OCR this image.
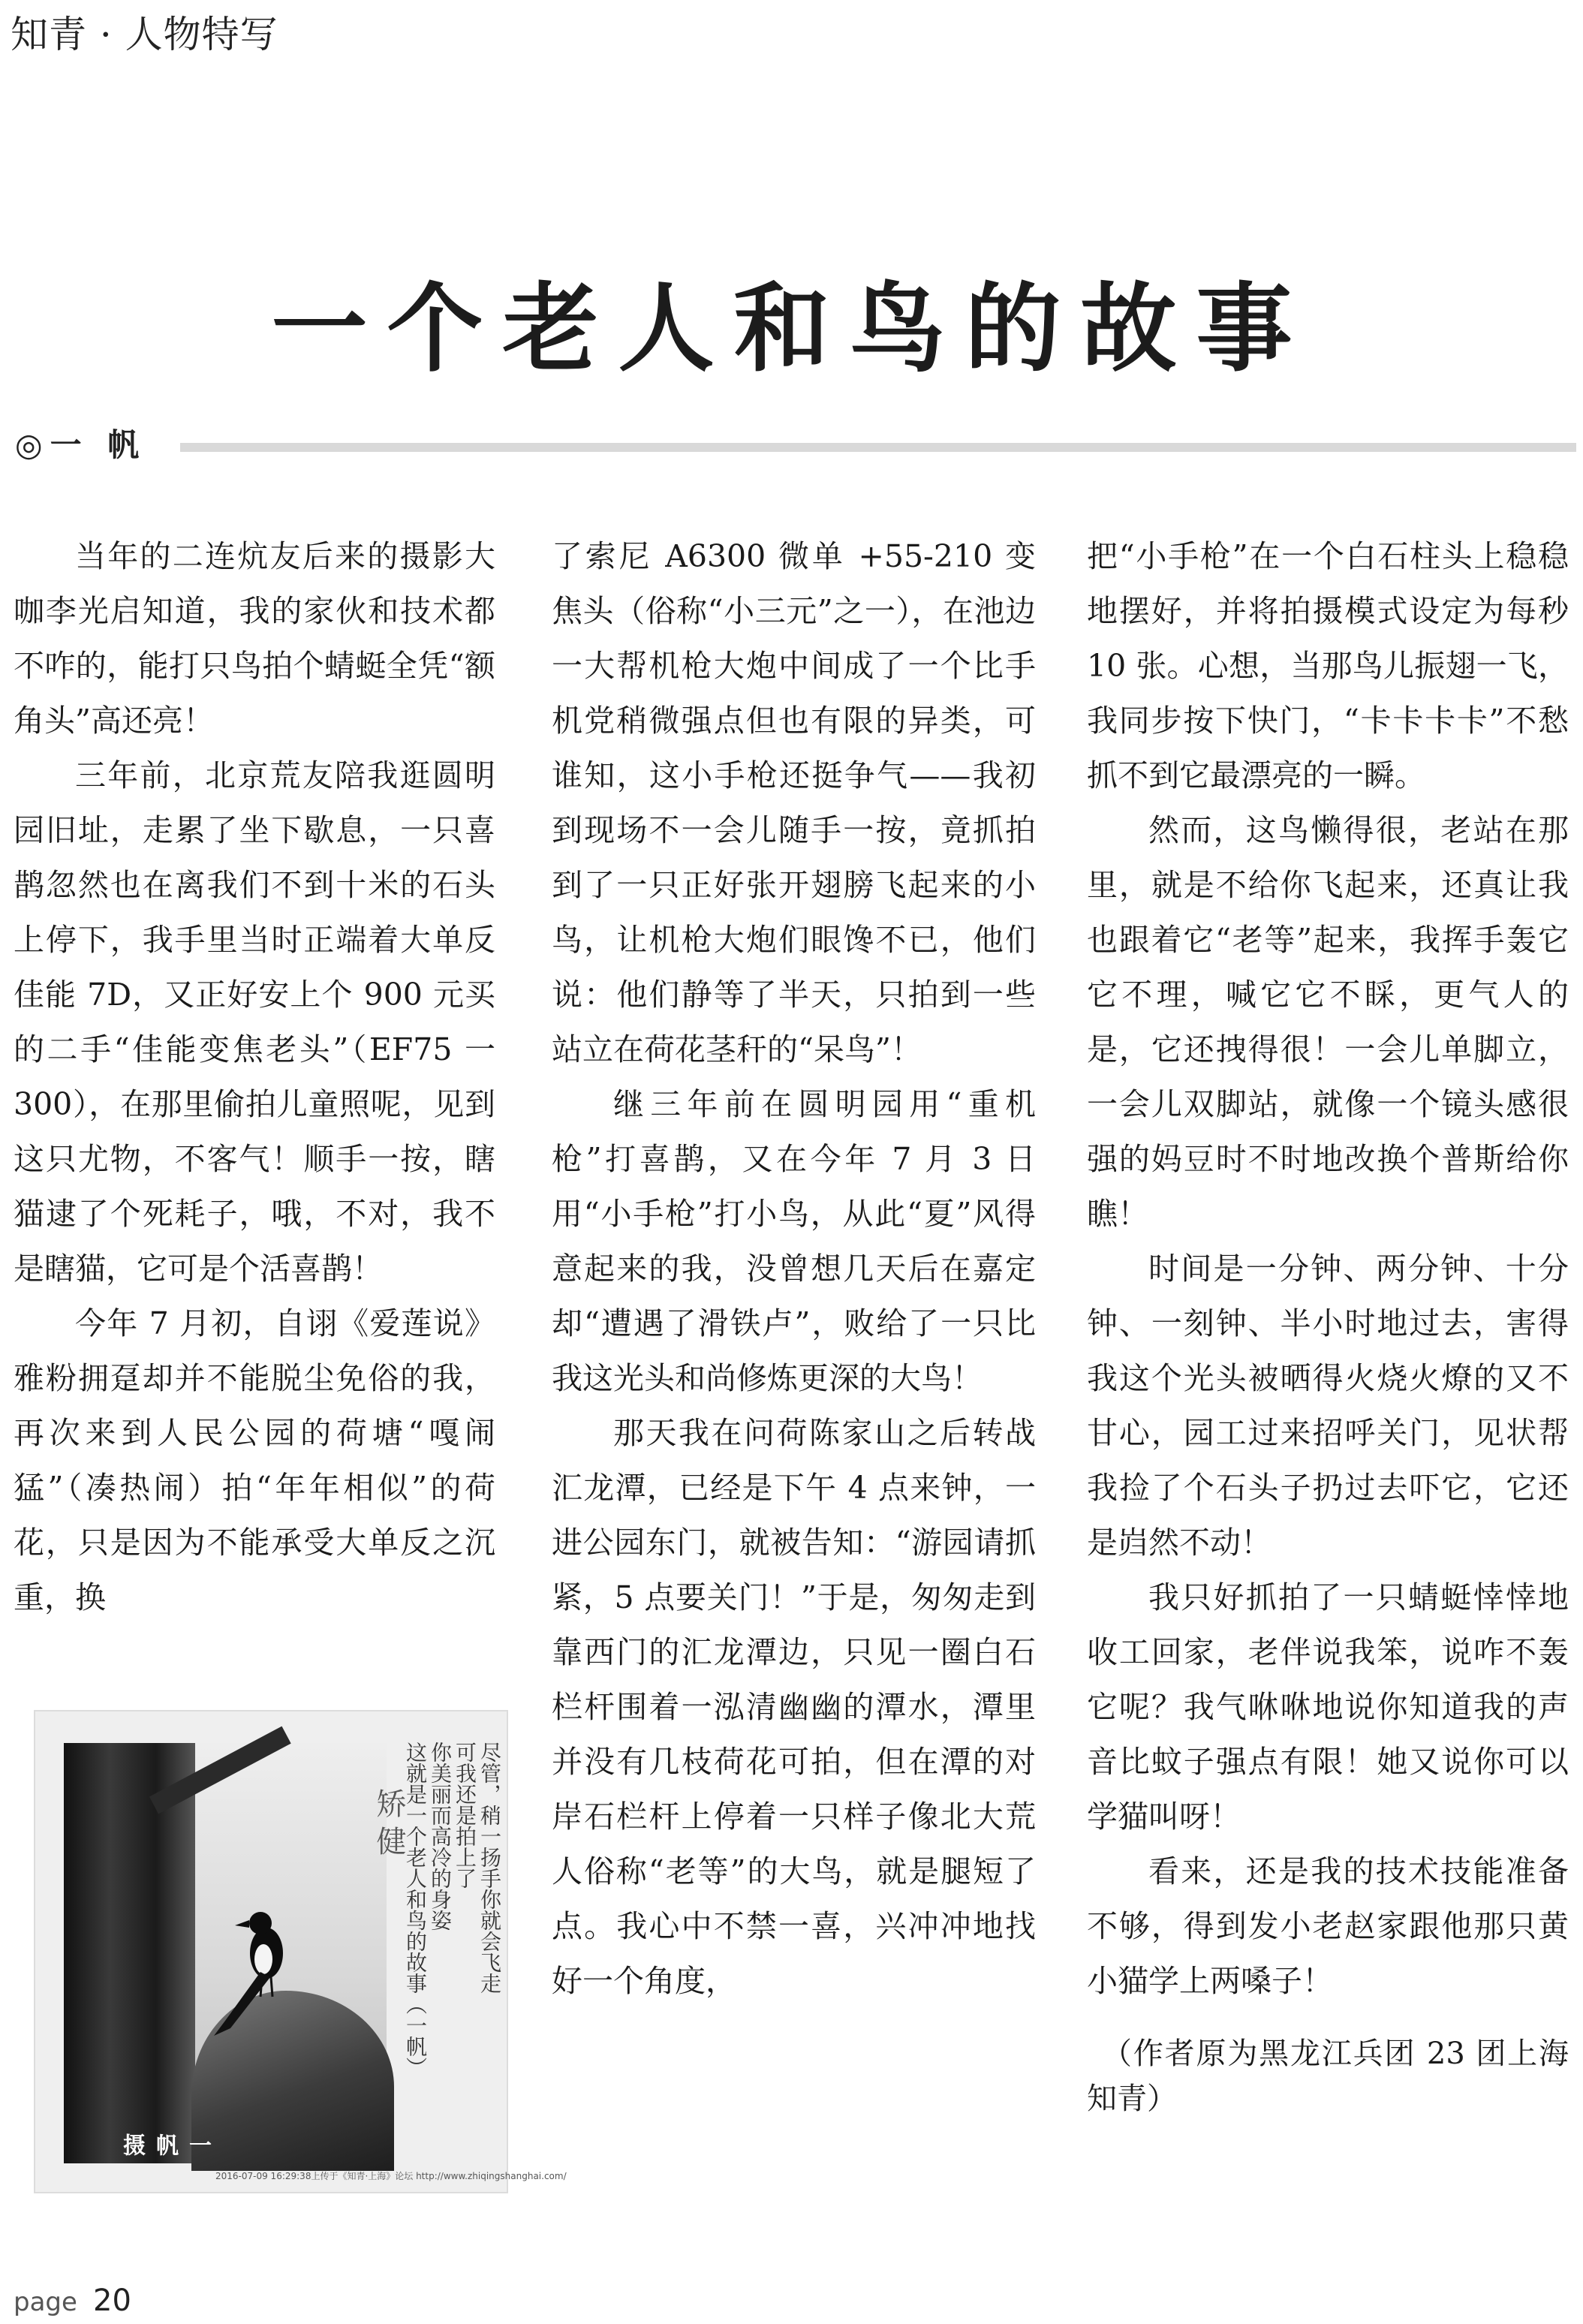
知青 · 人物特写
一个老人和鸟的故事
◎一 帆

当年的二连炕友后来的摄影大咖李光启知道，我的家伙和技术都不咋的，能打只鸟拍个蜻蜓全凭“额角头”高还亮！

三年前，北京荒友陪我逛圆明园旧址，走累了坐下歇息，一只喜鹊忽然也在离我们不到十米的石头上停下，我手里当时正端着大单反佳能 7D，又正好安上个 900 元买的二手“佳能变焦老头”（EF75 一 300），在那里偷拍儿童照呢，见到这只尤物，不客气！顺手一按，瞎猫逮了个死耗子，哦，不对，我不是瞎猫，它可是个活喜鹊！

今年 7 月初，自诩《爱莲说》雅粉拥趸却并不能脱尘免俗的我，再次来到人民公园的荷塘“嘎闹猛”（凑热闹）拍“年年相似”的荷花，只是因为不能承受大单反之沉重，换

矫健
一帆摄
尽管，稍一扬手你就会飞走
可我还是拍上了
你美丽而高冷的身姿
这就是一个老人和鸟的故事（一帆）
2016-07-09 16:29:38上传于《知青·上海》论坛 http://www.zhiqingshanghai.com/

了索尼 A6300 微单 +55-210 变焦头（俗称“小三元”之一），在池边一大帮机枪大炮中间成了一个比手机党稍微强点但也有限的异类，可谁知，这小手枪还挺争气——我初到现场不一会儿随手一按，竟抓拍到了一只正好张开翅膀飞起来的小鸟，让机枪大炮们眼馋不已，他们说：他们静等了半天，只拍到一些站立在荷花茎秆的“呆鸟”！

继三年前在圆明园用“重机枪”打喜鹊，又在今年 7 月 3 日用“小手枪”打小鸟，从此“夏”风得意起来的我，没曾想几天后在嘉定却“遭遇了滑铁卢”，败给了一只比我这光头和尚修炼更深的大鸟！

那天我在问荷陈家山之后转战汇龙潭，已经是下午 4 点来钟，一进公园东门，就被告知：“游园请抓紧，5 点要关门！”于是，匆匆走到靠西门的汇龙潭边，只见一圈白石栏杆围着一泓清幽幽的潭水，潭里并没有几枝荷花可拍，但在潭的对岸石栏杆上停着一只样子像北大荒人俗称“老等”的大鸟，就是腿短了点。我心中不禁一喜，兴冲冲地找好一个角度，

把“小手枪”在一个白石柱头上稳稳地摆好，并将拍摄模式设定为每秒 10 张。心想，当那鸟儿振翅一飞，我同步按下快门，“卡卡卡卡”不愁抓不到它最漂亮的一瞬。

然而，这鸟懒得很，老站在那里，就是不给你飞起来，还真让我也跟着它“老等”起来，我挥手轰它它不理，喊它它不睬，更气人的是，它还拽得很！一会儿单脚立，一会儿双脚站，就像一个镜头感很强的妈豆时不时地改换个普斯给你瞧！

时间是一分钟、两分钟、十分钟、一刻钟、半小时地过去，害得我这个光头被晒得火烧火燎的又不甘心，园工过来招呼关门，见状帮我捡了个石头子扔过去吓它，它还是岿然不动！

我只好抓拍了一只蜻蜓悻悻地收工回家，老伴说我笨，说咋不轰它呢？我气咻咻地说你知道我的声音比蚊子强点有限！她又说你可以学猫叫呀！

看来，还是我的技术技能准备不够，得到发小老赵家跟他那只黄小猫学上两嗓子！

（作者原为黑龙江兵团 23 团上海知青）

page 20
